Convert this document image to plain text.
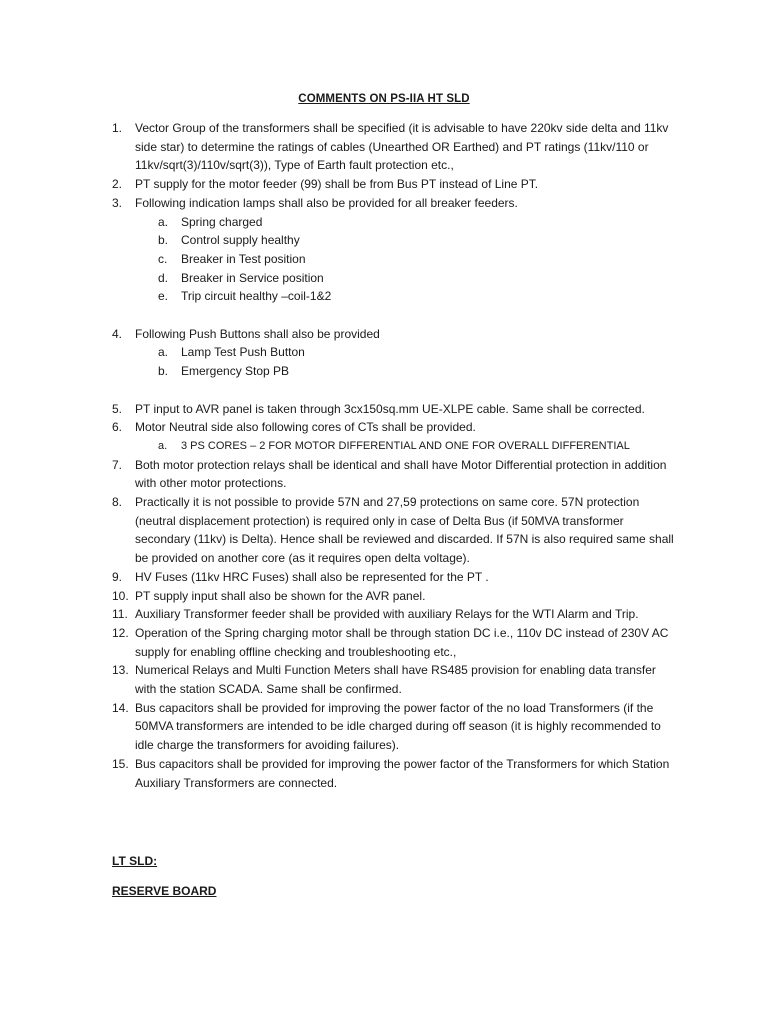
COMMENTS ON PS-IIA HT SLD
1. Vector Group of the transformers shall be specified (it is advisable to have 220kv side delta and 11kv side star) to determine the ratings of cables (Unearthed OR Earthed) and PT ratings (11kv/110 or 11kv/sqrt(3)/110v/sqrt(3)), Type of Earth fault protection etc.,
2. PT supply for the motor feeder (99) shall be from Bus PT instead of Line PT.
3. Following indication lamps shall also be provided for all breaker feeders.
a. Spring charged
b. Control supply healthy
c. Breaker in Test position
d. Breaker in Service position
e. Trip circuit healthy –coil-1&2
4. Following Push Buttons shall also be provided
a. Lamp Test Push Button
b. Emergency Stop PB
5. PT input to AVR panel is taken through 3cx150sq.mm UE-XLPE cable. Same shall be corrected.
6. Motor Neutral side also following cores of CTs shall be provided.
a. 3 PS CORES – 2 FOR MOTOR DIFFERENTIAL AND ONE FOR OVERALL DIFFERENTIAL
7. Both motor protection relays shall be identical and shall have Motor Differential protection in addition with other motor protections.
8. Practically it is not possible to provide 57N and 27,59 protections on same core. 57N protection (neutral displacement protection) is required only in case of Delta Bus (if 50MVA transformer secondary (11kv) is Delta). Hence shall be reviewed and discarded. If 57N is also required same shall be provided on another core (as it requires open delta voltage).
9. HV Fuses (11kv HRC Fuses) shall also be represented for the PT .
10. PT supply input shall also be shown for the AVR panel.
11. Auxiliary Transformer feeder shall be provided with auxiliary Relays for the WTI Alarm and Trip.
12. Operation of the Spring charging motor shall be through station DC i.e., 110v DC instead of 230V AC supply for enabling offline checking and troubleshooting etc.,
13. Numerical Relays and Multi Function Meters shall have RS485 provision for enabling data transfer with the station SCADA. Same shall be confirmed.
14. Bus capacitors shall be provided for improving the power factor of the no load Transformers (if the 50MVA transformers are intended to be idle charged during off season (it is highly recommended to idle charge the transformers for avoiding failures).
15. Bus capacitors shall be provided for improving the power factor of the Transformers for which Station Auxiliary Transformers are connected.
LT SLD:
RESERVE BOARD
